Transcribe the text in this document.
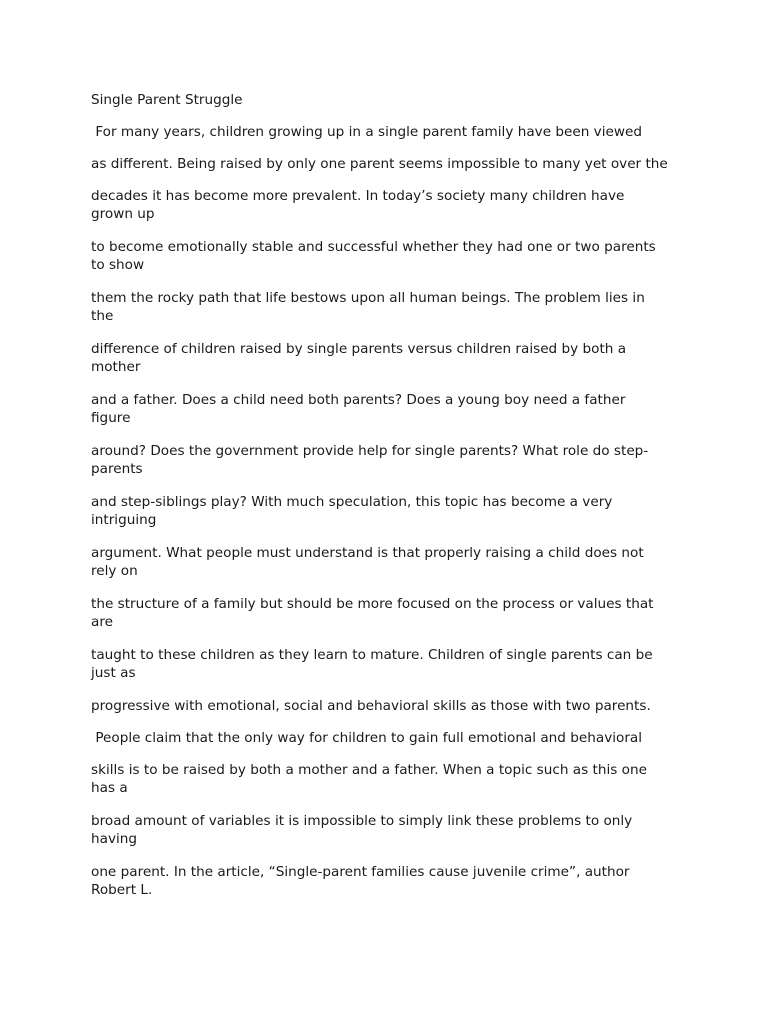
Single Parent Struggle
For many years, children growing up in a single parent family have been viewed
as different. Being raised by only one parent seems impossible to many yet over the
decades it has become more prevalent. In today’s society many children have
grown up
to become emotionally stable and successful whether they had one or two parents
to show
them the rocky path that life bestows upon all human beings. The problem lies in
the
difference of children raised by single parents versus children raised by both a
mother
and a father. Does a child need both parents? Does a young boy need a father
figure
around? Does the government provide help for single parents? What role do step-
parents
and step-siblings play? With much speculation, this topic has become a very
intriguing
argument. What people must understand is that properly raising a child does not
rely on
the structure of a family but should be more focused on the process or values that
are
taught to these children as they learn to mature. Children of single parents can be
just as
progressive with emotional, social and behavioral skills as those with two parents.
People claim that the only way for children to gain full emotional and behavioral
skills is to be raised by both a mother and a father. When a topic such as this one
has a
broad amount of variables it is impossible to simply link these problems to only
having
one parent. In the article, “Single-parent families cause juvenile crime”, author
Robert L.
